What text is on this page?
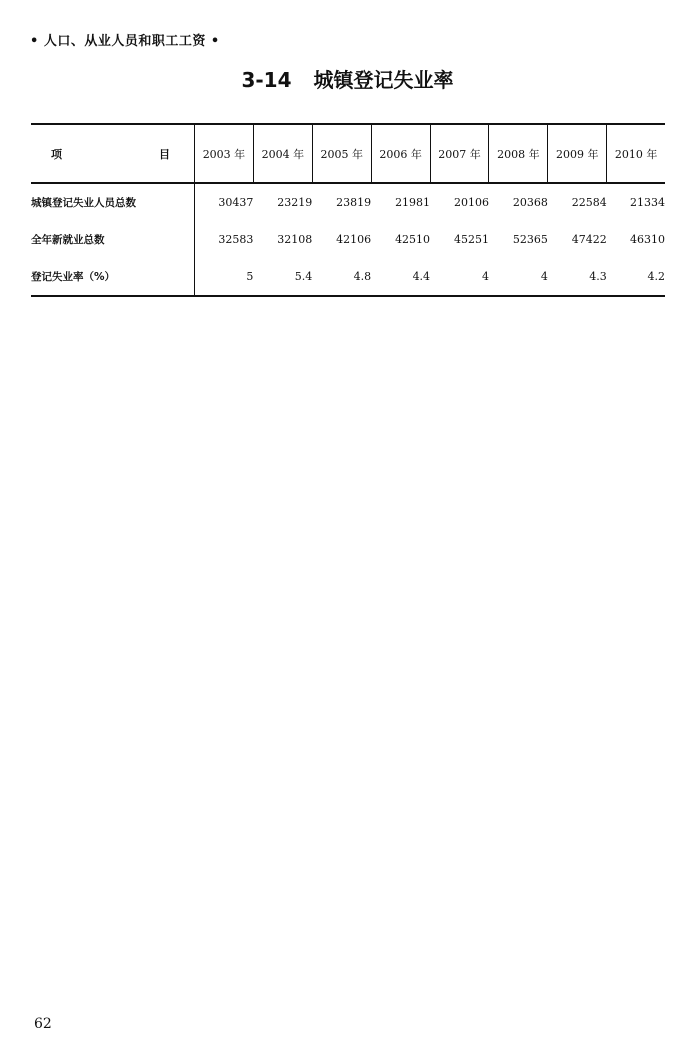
• 人口、从业人员和职工工资 •
3-14 城镇登记失业率
项 目	2003 年	2004 年	2005 年	2006 年	2007 年	2008 年	2009 年	2010 年
城镇登记失业人员总数	30437	23219	23819	21981	20106	20368	22584	21334
全年新就业总数	32583	32108	42106	42510	45251	52365	47422	46310
登记失业率（%）	5	5.4	4.8	4.4	4	4	4.3	4.2
62
